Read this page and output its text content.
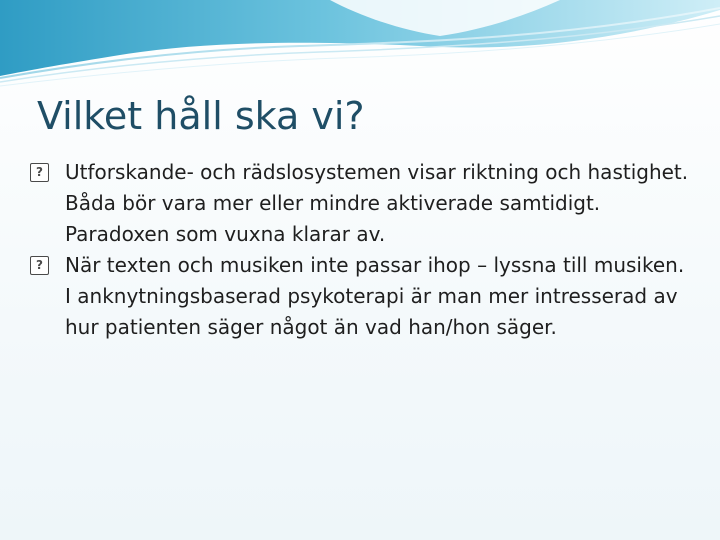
Vilket håll ska vi?
?	Utforskande- och rädslosystemen visar riktning och hastighet. Båda bör vara mer eller mindre aktiverade samtidigt. Paradoxen som vuxna klarar av.
?	När texten och musiken inte passar ihop – lyssna till musiken. I anknytningsbaserad psykoterapi är man mer intresserad av hur patienten säger något än vad han/hon säger.
